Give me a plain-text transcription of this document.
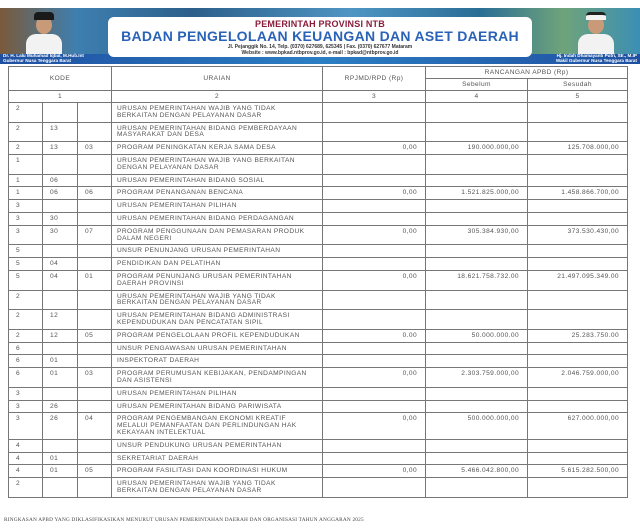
Dr. H. Lalu Muhamad Iqbal, M.Hub.Int
Gubernur Nusa Tenggara Barat
Hj. Indah Dhamayanti Putri, SE., M.IP
Wakil Gubernur Nusa Tenggara Barat
PEMERINTAH PROVINSI NTB
BADAN PENGELOLAAN KEUANGAN DAN ASET DAERAH
Jl. Pejanggik No. 14, Telp. (0370) 627689, 625345 | Fax. (0370) 627677 Mataram
Website : www.bpkad.ntbprov.go.id, e-mail : bpkad@ntbprov.go.id
KODE			URAIAN	RPJMD/RPD (Rp)	RANCANGAN APBD (Rp)	
					Sebelum	Sesudah
1			2	3	4	5
2			URUSAN PEMERINTAHAN WAJIB YANG TIDAK BERKAITAN DENGAN PELAYANAN DASAR			
2	13		URUSAN PEMERINTAHAN BIDANG PEMBERDAYAAN MASYARAKAT DAN DESA			
2	13	03	PROGRAM PENINGKATAN KERJA SAMA DESA	0,00	190.000.000,00	125.708.000,00
1			URUSAN PEMERINTAHAN WAJIB YANG BERKAITAN DENGAN PELAYANAN DASAR			
1	06		URUSAN PEMERINTAHAN BIDANG SOSIAL			
1	06	06	PROGRAM PENANGANAN BENCANA	0,00	1.521.825.000,00	1.458.866.700,00
3			URUSAN PEMERINTAHAN PILIHAN			
3	30		URUSAN PEMERINTAHAN BIDANG PERDAGANGAN			
3	30	07	PROGRAM PENGGUNAAN DAN PEMASARAN PRODUK DALAM NEGERI	0,00	305.384.930,00	373.530.430,00
5			UNSUR PENUNJANG URUSAN PEMERINTAHAN			
5	04		PENDIDIKAN DAN PELATIHAN			
5	04	01	PROGRAM PENUNJANG URUSAN PEMERINTAHAN DAERAH PROVINSI	0,00	18.621.758.732.00	21.497.095.349.00
2			URUSAN PEMERINTAHAN WAJIB YANG TIDAK BERKAITAN DENGAN PELAYANAN DASAR			
2	12		URUSAN PEMERINTAHAN BIDANG ADMINISTRASI KEPENDUDUKAN DAN PENCATATAN SIPIL			
2	12	05	PROGRAM PENGELOLAAN PROFIL KEPENDUDUKAN	0.00	50.000.000.00	25.283.750.00
6			UNSUR PENGAWASAN URUSAN PEMERINTAHAN			
6	01		INSPEKTORAT DAERAH			
6	01	03	PROGRAM PERUMUSAN KEBIJAKAN, PENDAMPINGAN DAN ASISTENSI	0,00	2.303.759.000,00	2.046.759.000,00
3			URUSAN PEMERINTAHAN PILIHAN			
3	26		URUSAN PEMERINTAHAN BIDANG PARIWISATA			
3	26	04	PROGRAM PENGEMBANGAN EKONOMI KREATIF MELALUI PEMANFAATAN DAN PERLINDUNGAN HAK KEKAYAAN INTELEKTUAL	0,00	500.000.000,00	627.000.000,00
4			UNSUR PENDUKUNG URUSAN PEMERINTAHAN			
4	01		SEKRETARIAT DAERAH			
4	01	05	PROGRAM FASILITASI DAN KOORDINASI HUKUM	0,00	5.466.042.800,00	5.615.282.500,00
2			URUSAN PEMERINTAHAN WAJIB YANG TIDAK BERKAITAN DENGAN PELAYANAN DASAR			
RINGKASAN APBD YANG DIKLASIFIKASIKAN MENURUT URUSAN PEMERINTAHAN DAERAH DAN ORGANISASI TAHUN ANGGARAN 2025
